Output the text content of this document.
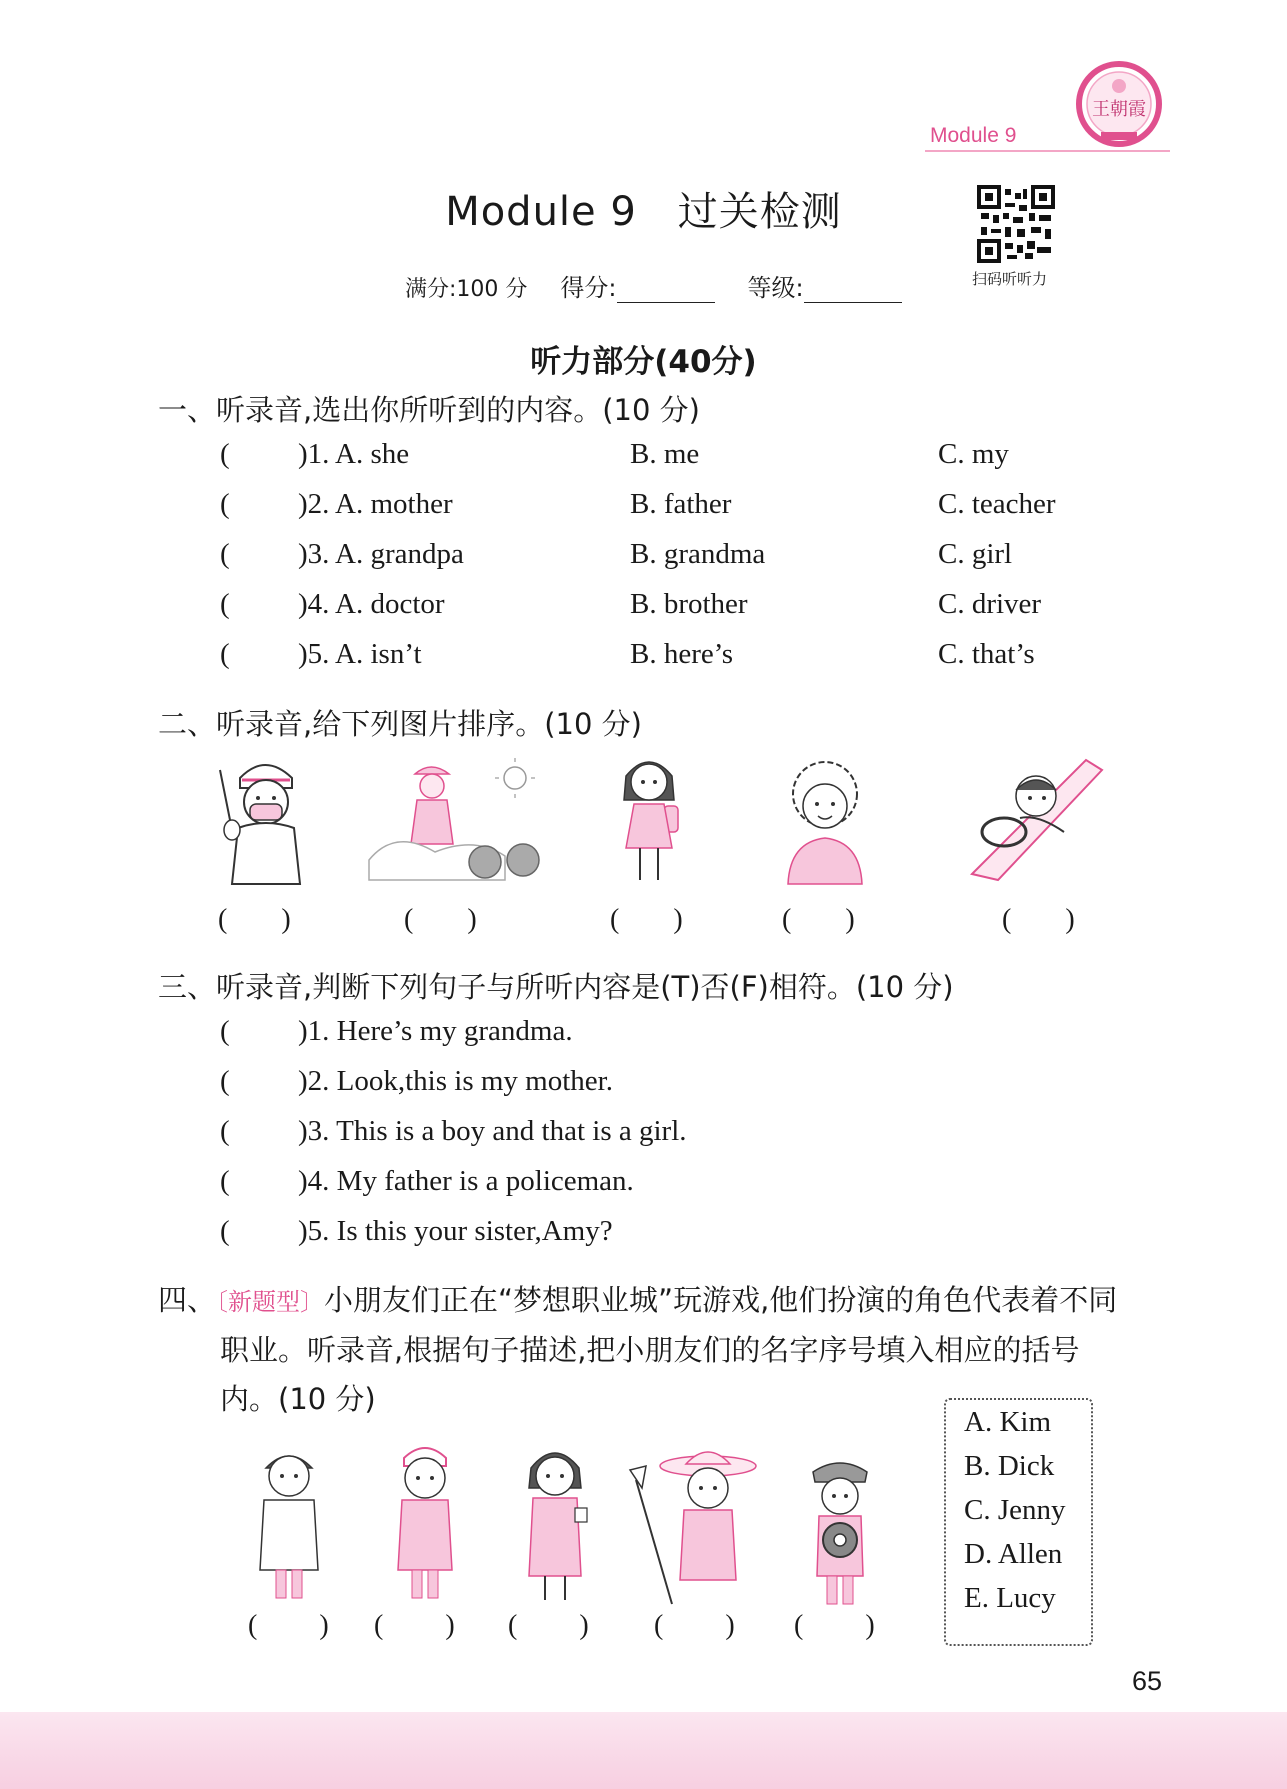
王朝霞
Module 9
Module 9　过关检测
扫码听听力
满分:100 分 得分:	等级:
听力部分(40分)
一、听录音,选出你所听到的内容。(10 分)
( )1. A. she	B. me	C. my
( )2. A. mother	B. father	C. teacher
( )3. A. grandpa	B. grandma	C. girl
( )4. A. doctor	B. brother	C. driver
( )5. A. isn’t	B. here’s	C. that’s
二、听录音,给下列图片排序。(10 分)
( )	( )	( )	( )	( )
三、听录音,判断下列句子与所听内容是(T)否(F)相符。(10 分)
( )1. Here’s my grandma.
( )2. Look,this is my mother.
( )3. This is a boy and that is a girl.
( )4. My father is a policeman.
( )5. Is this your sister,Amy?
四、〔新题型〕小朋友们正在“梦想职业城”玩游戏,他们扮演的角色代表着不同
职业。听录音,根据句子描述,把小朋友们的名字序号填入相应的括号
内。(10 分)
( ) ( ) ( ) ( ) ( )
A. Kim
B. Dick
C. Jenny
D. Allen
E. Lucy
65
